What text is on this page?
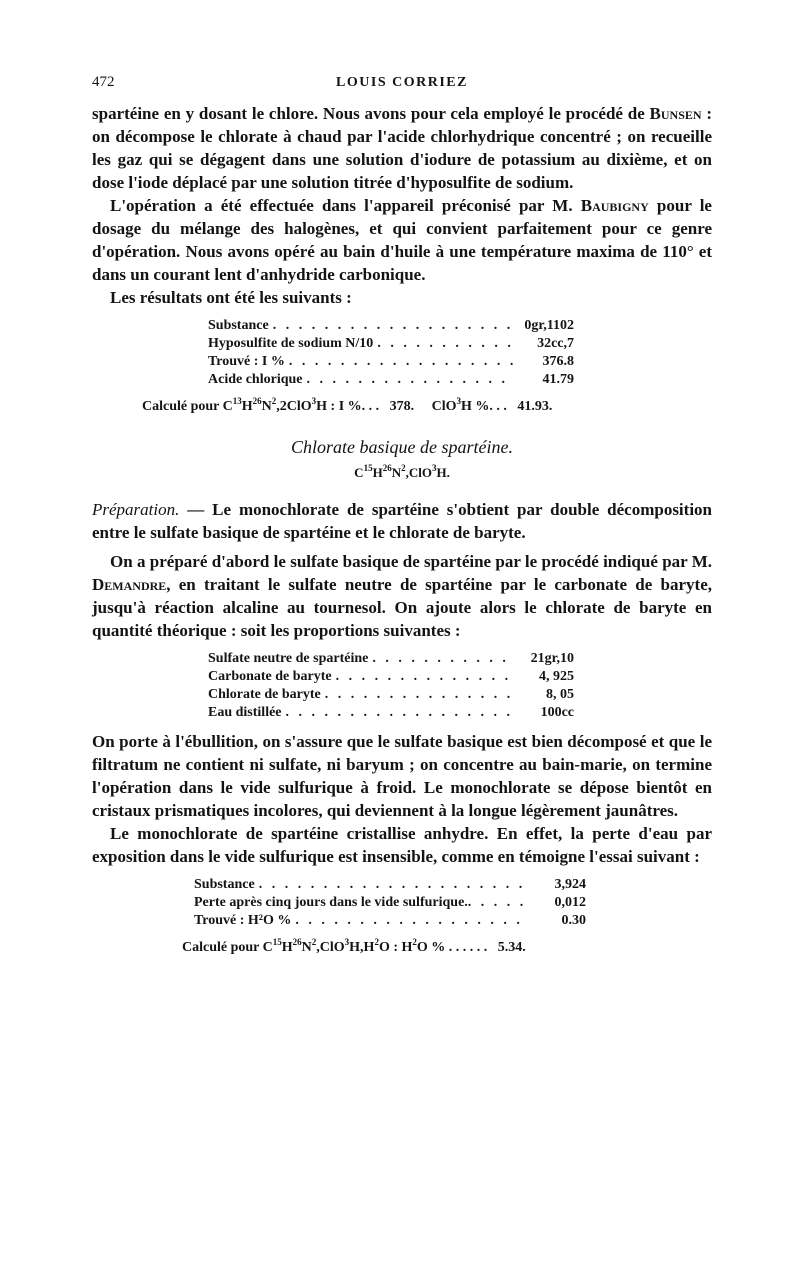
472	LOUIS CORRIEZ

spartéine en y dosant le chlore. Nous avons pour cela employé le procédé de Bunsen : on décompose le chlorate à chaud par l'acide chlorhydrique concentré ; on recueille les gaz qui se dégagent dans une solution d'iodure de potassium au dixième, et on dose l'iode déplacé par une solution titrée d'hyposulfite de sodium.

L'opération a été effectuée dans l'appareil préconisé par M. Baubigny pour le dosage du mélange des halogènes, et qui convient parfaitement pour ce genre d'opération. Nous avons opéré au bain d'huile à une température maxima de 110° et dans un courant lent d'anhydride carbonique.

Les résultats ont été les suivants :

Substance . . .	0gr,1102
Hyposulfite de sodium N/10 . . .	32cc,7
Trouvé : I % . . .	376.8
Acide chlorique . . .	41.79
Calculé pour $C^{13}H^{26}N^2,2ClO^3H$ : I %. . .   378.     ClO$^3$H %. . .   41.93.
Chlorate basique de spartéine.
$C^{15}H^{26}N^2,ClO^3H$.

Préparation. — Le monochlorate de spartéine s'obtient par double décomposition entre le sulfate basique de spartéine et le chlorate de baryte.

On a préparé d'abord le sulfate basique de spartéine par le procédé indiqué par M. Demandre, en traitant le sulfate neutre de spartéine par le carbonate de baryte, jusqu'à réaction alcaline au tournesol. On ajoute alors le chlorate de baryte en quantité théorique : soit les proportions suivantes :

Sulfate neutre de spartéine . . .	21gr,10
Carbonate de baryte . . .	4, 925
Chlorate de baryte . . .	8, 05
Eau distillée . . .	100cc

On porte à l'ébullition, on s'assure que le sulfate basique est bien décomposé et que le filtratum ne contient ni sulfate, ni baryum ; on concentre au bain-marie, on termine l'opération dans le vide sulfurique à froid. Le monochlorate se dépose bientôt en cristaux prismatiques incolores, qui deviennent à la longue légèrement jaunâtres.

Le monochlorate de spartéine cristallise anhydre. En effet, la perte d'eau par exposition dans le vide sulfurique est insensible, comme en témoigne l'essai suivant :

Substance . . .	3,924
Perte après cinq jours dans le vide sulfurique. . . .	0,012
Trouvé : H²O % . . .	0.30
Calculé pour $C^{15}H^{26}N^2,ClO^3H,H^2O$ : $H^2O$ % . . . . . .   5.34.
